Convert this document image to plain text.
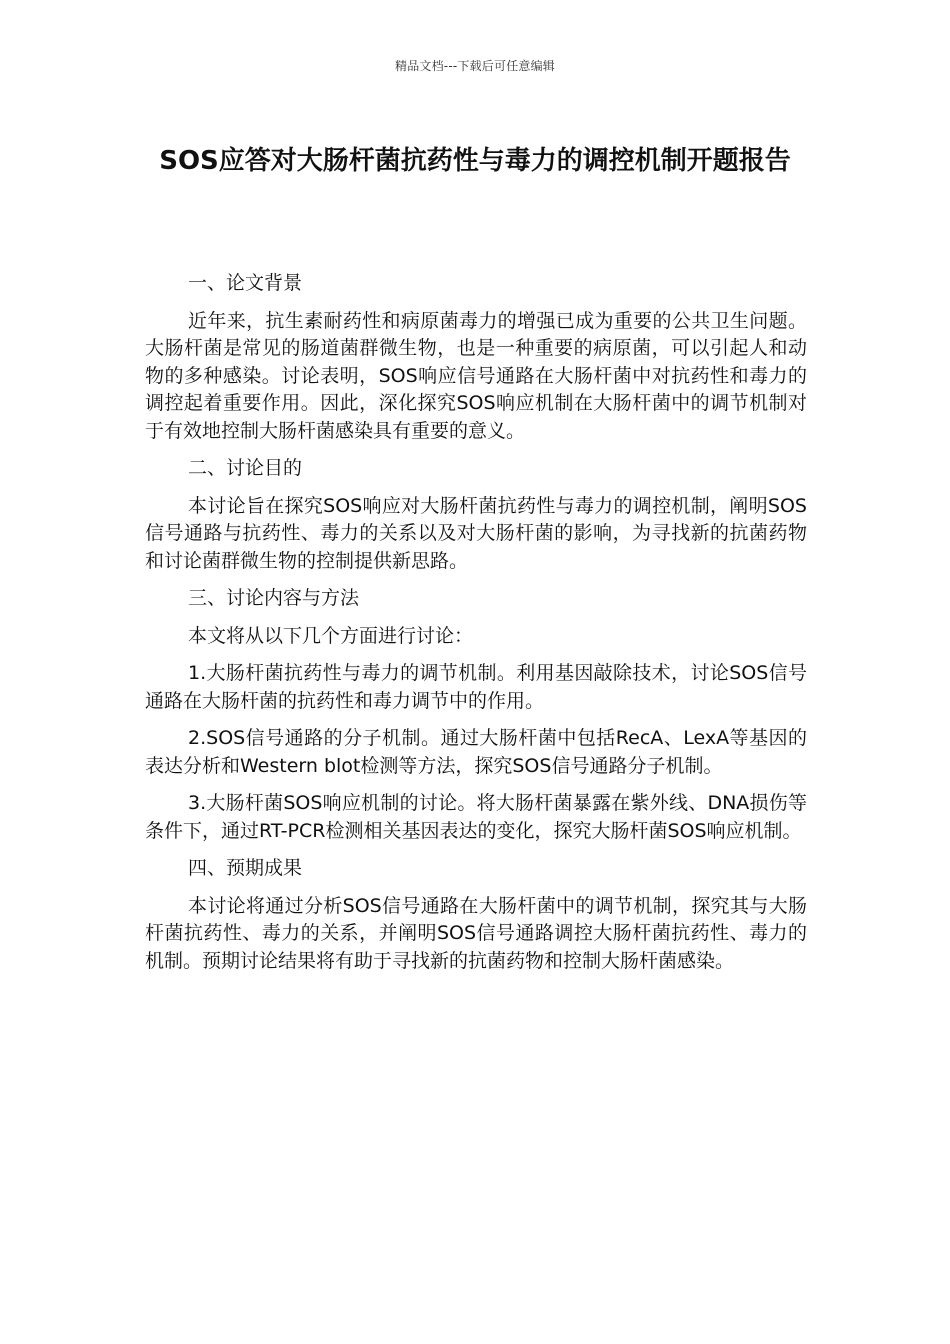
精品文档---下载后可任意编辑
SOS应答对大肠杆菌抗药性与毒力的调控机制开题报告
一、论文背景
近年来，抗生素耐药性和病原菌毒力的增强已成为重要的公共卫生问题。大肠杆菌是常见的肠道菌群微生物，也是一种重要的病原菌，可以引起人和动物的多种感染。讨论表明，SOS响应信号通路在大肠杆菌中对抗药性和毒力的调控起着重要作用。因此，深化探究SOS响应机制在大肠杆菌中的调节机制对于有效地控制大肠杆菌感染具有重要的意义。
二、讨论目的
本讨论旨在探究SOS响应对大肠杆菌抗药性与毒力的调控机制，阐明SOS信号通路与抗药性、毒力的关系以及对大肠杆菌的影响，为寻找新的抗菌药物和讨论菌群微生物的控制提供新思路。
三、讨论内容与方法
本文将从以下几个方面进行讨论：
1.大肠杆菌抗药性与毒力的调节机制。利用基因敲除技术，讨论SOS信号通路在大肠杆菌的抗药性和毒力调节中的作用。
2.SOS信号通路的分子机制。通过大肠杆菌中包括RecA、LexA等基因的表达分析和Western blot检测等方法，探究SOS信号通路分子机制。
3.大肠杆菌SOS响应机制的讨论。将大肠杆菌暴露在紫外线、DNA损伤等条件下，通过RT-PCR检测相关基因表达的变化，探究大肠杆菌SOS响应机制。
四、预期成果
本讨论将通过分析SOS信号通路在大肠杆菌中的调节机制，探究其与大肠杆菌抗药性、毒力的关系，并阐明SOS信号通路调控大肠杆菌抗药性、毒力的机制。预期讨论结果将有助于寻找新的抗菌药物和控制大肠杆菌感染。
